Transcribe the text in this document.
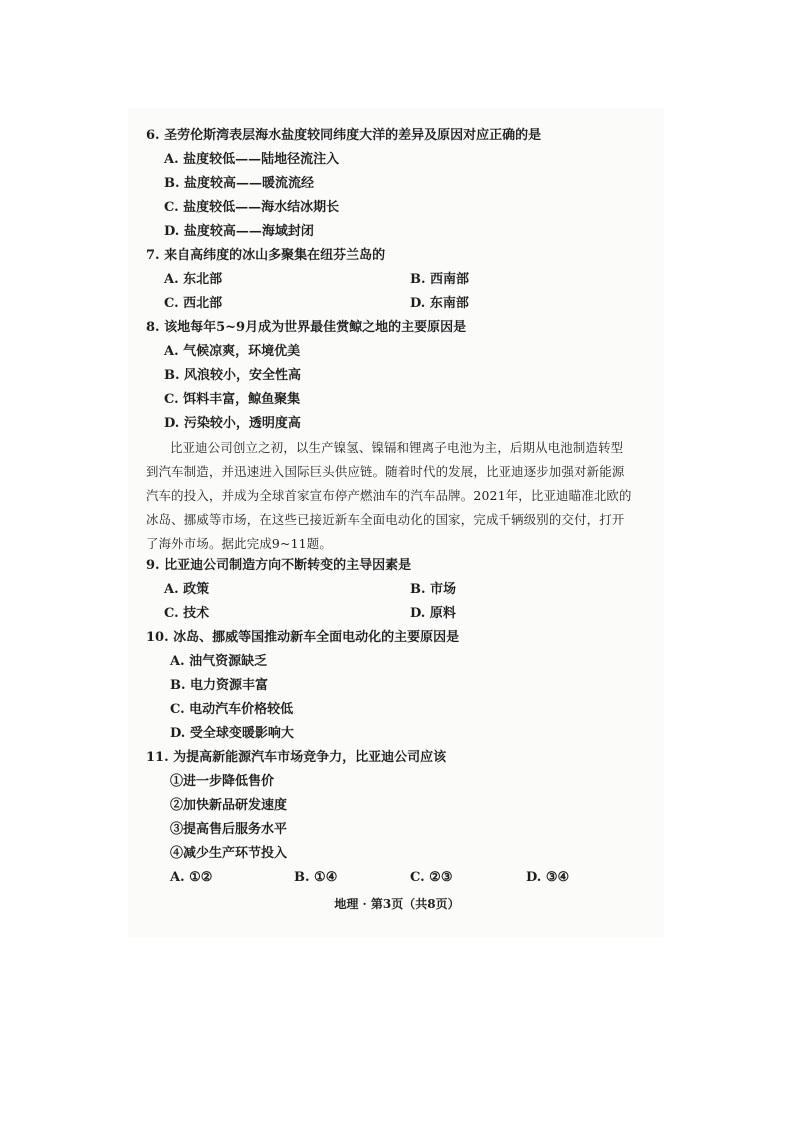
6. 圣劳伦斯湾表层海水盐度较同纬度大洋的差异及原因对应正确的是
A. 盐度较低——陆地径流注入
B. 盐度较高——暖流流经
C. 盐度较低——海水结冰期长
D. 盐度较高——海域封闭
7. 来自高纬度的冰山多聚集在纽芬兰岛的
A. 东北部	B. 西南部
C. 西北部	D. 东南部
8. 该地每年5~9月成为世界最佳赏鲸之地的主要原因是
A. 气候凉爽，环境优美
B. 风浪较小，安全性高
C. 饵料丰富，鲸鱼聚集
D. 污染较小，透明度高
比亚迪公司创立之初，以生产镍氢、镍镉和锂离子电池为主，后期从电池制造转型
到汽车制造，并迅速进入国际巨头供应链。随着时代的发展，比亚迪逐步加强对新能源
汽车的投入，并成为全球首家宣布停产燃油车的汽车品牌。2021年，比亚迪瞄准北欧的
冰岛、挪威等市场，在这些已接近新车全面电动化的国家，完成千辆级别的交付，打开
了海外市场。据此完成9~11题。
9. 比亚迪公司制造方向不断转变的主导因素是
A. 政策	B. 市场
C. 技术	D. 原料
10. 冰岛、挪威等国推动新车全面电动化的主要原因是
A. 油气资源缺乏
B. 电力资源丰富
C. 电动汽车价格较低
D. 受全球变暖影响大
11. 为提高新能源汽车市场竞争力，比亚迪公司应该
①进一步降低售价
②加快新品研发速度
③提高售后服务水平
④减少生产环节投入
A. ①②	B. ①④	C. ②③	D. ③④
地理 · 第3页（共8页）
